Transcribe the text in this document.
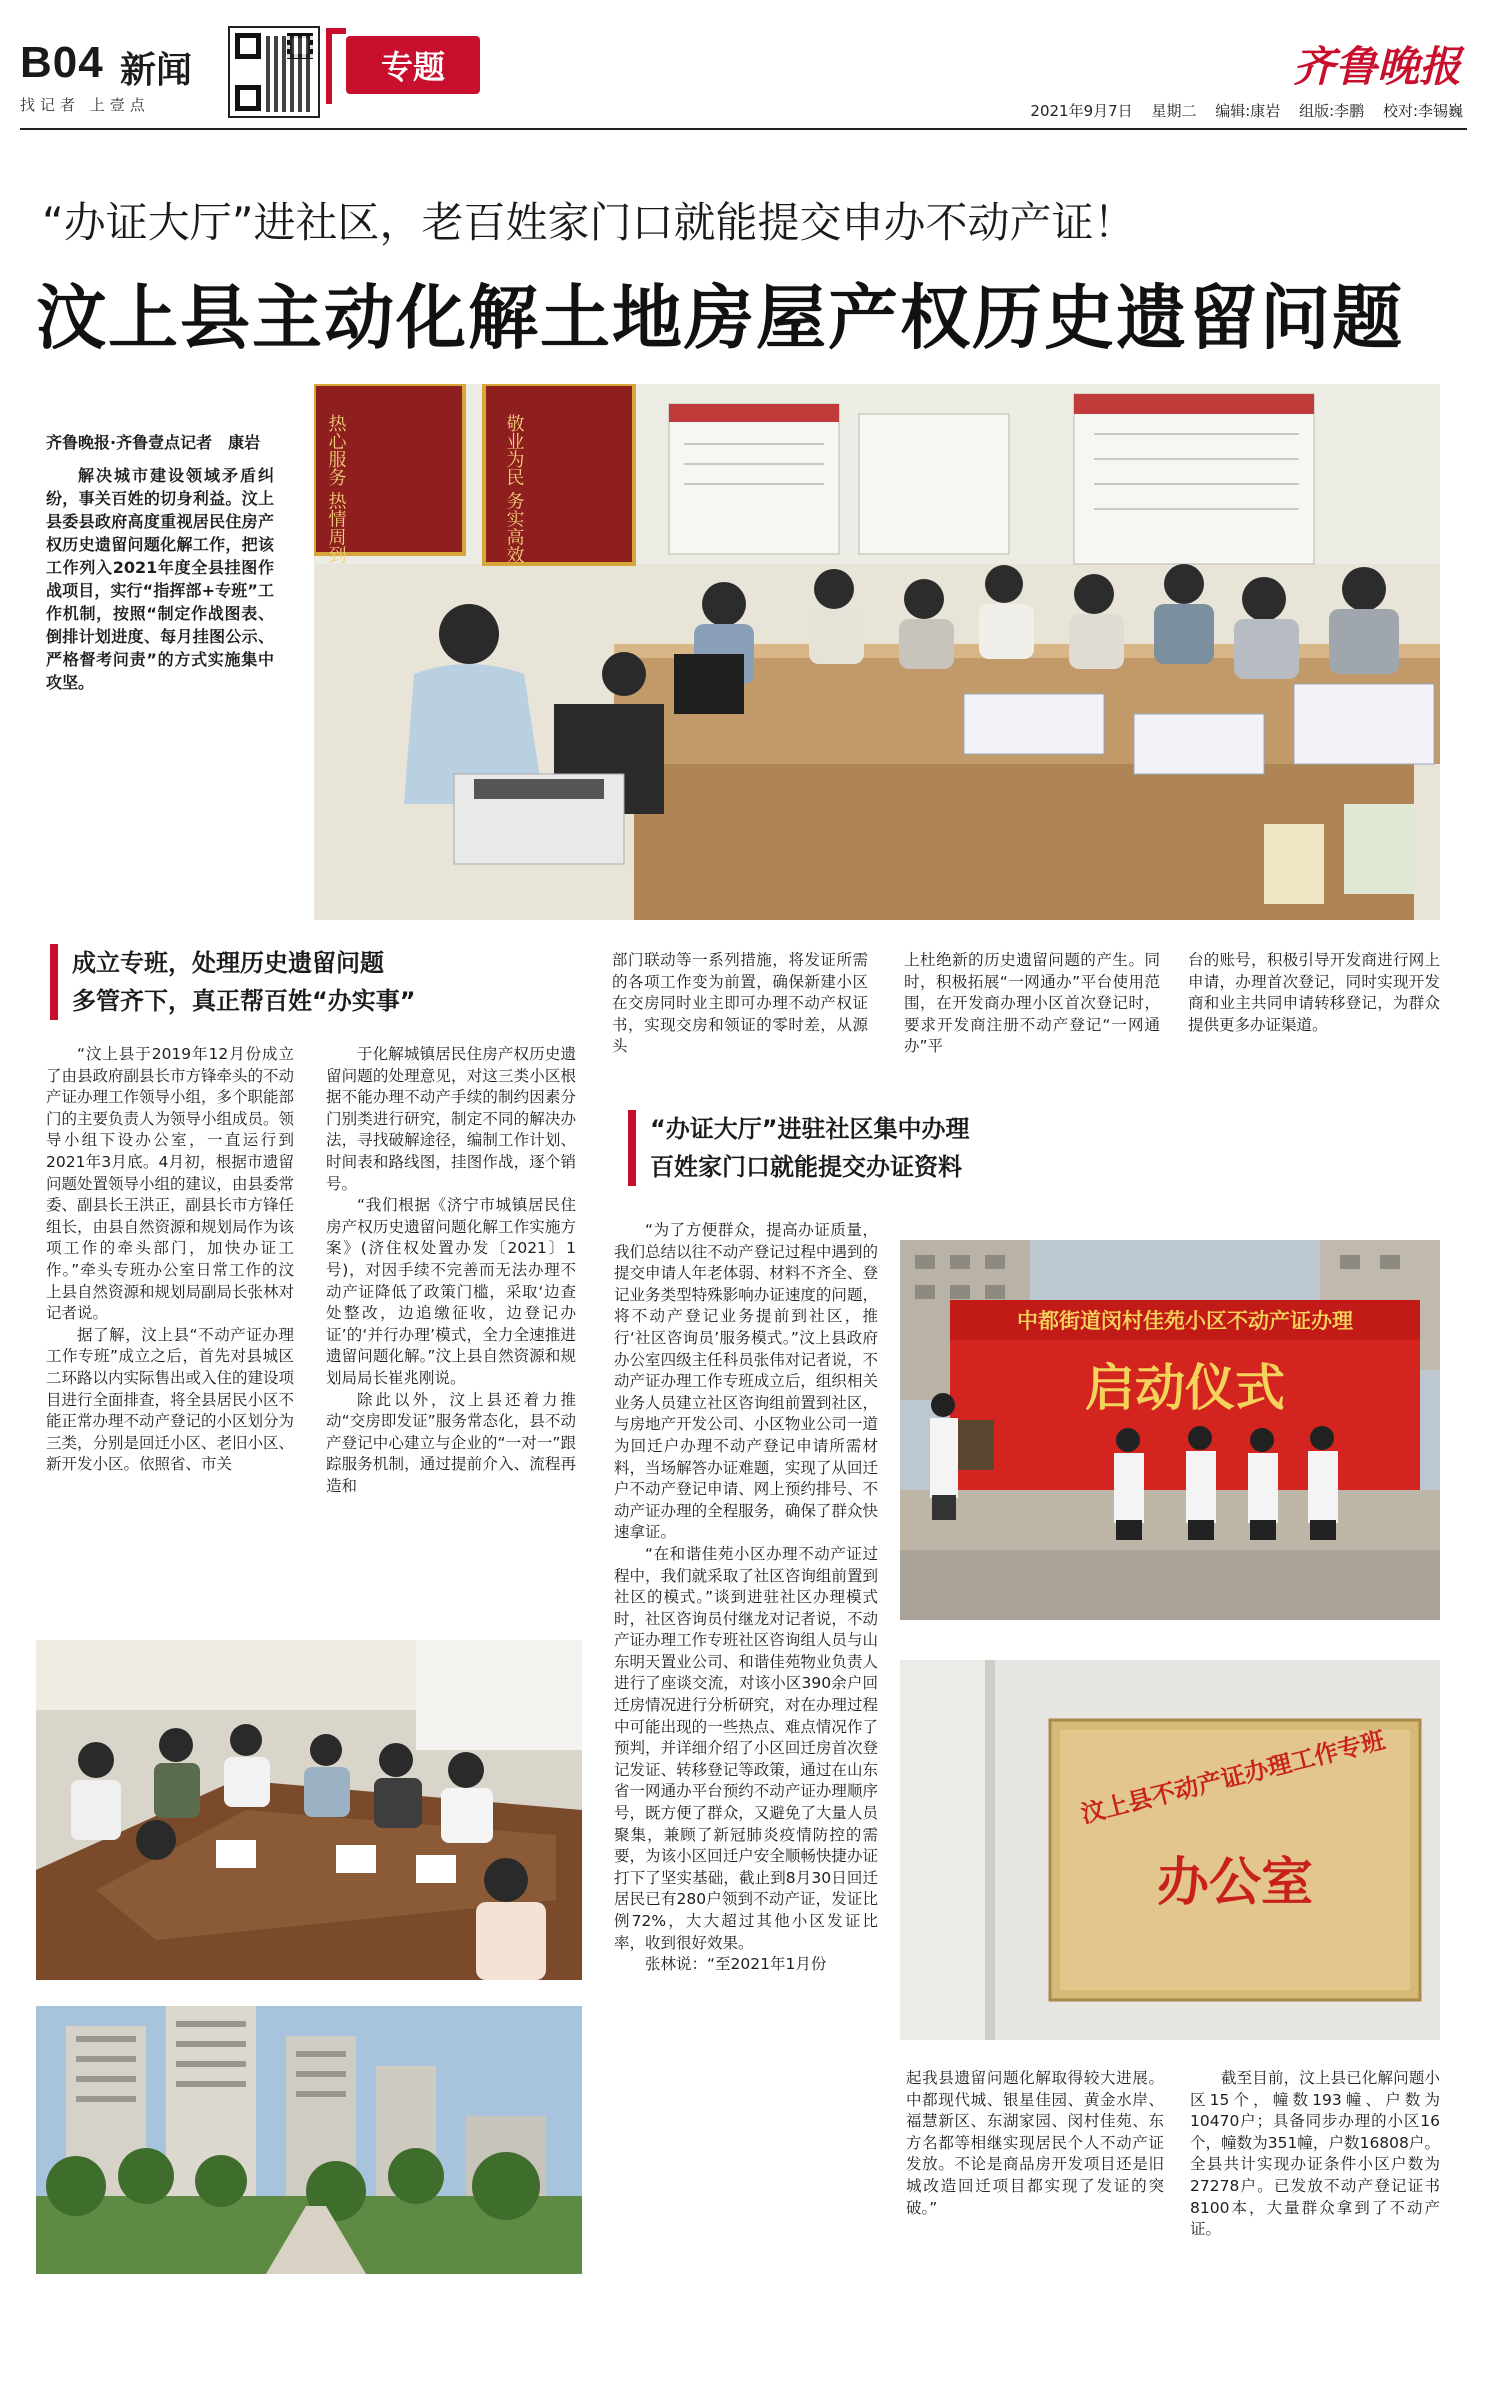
B04 新闻
找记者 上壹点
专题	齐鲁晚报
2021年9月7日 星期二 编辑:康岩 组版:李鹏 校对:李锡巍
“办证大厅”进社区，老百姓家门口就能提交申办不动产证！
汶上县主动化解土地房屋产权历史遗留问题
齐鲁晚报·齐鲁壹点记者　康岩

解决城市建设领域矛盾纠纷，事关百姓的切身利益。汶上县委县政府高度重视居民住房产权历史遗留问题化解工作，把该工作列入2021年度全县挂图作战项目，实行“指挥部+专班”工作机制，按照“制定作战图表、倒排计划进度、每月挂图公示、严格督考问责”的方式实施集中攻坚。

热心服务 热情周到	敬业为民 务实高效
成立专班，处理历史遗留问题
多管齐下，真正帮百姓“办实事”

“汶上县于2019年12月份成立了由县政府副县长市方锋牵头的不动产证办理工作领导小组，多个职能部门的主要负责人为领导小组成员。领导小组下设办公室，一直运行到2021年3月底。4月初，根据市遗留问题处置领导小组的建议，由县委常委、副县长王洪正，副县长市方锋任组长，由县自然资源和规划局作为该项工作的牵头部门，加快办证工作。”牵头专班办公室日常工作的汶上县自然资源和规划局副局长张林对记者说。

据了解，汶上县“不动产证办理工作专班”成立之后，首先对县城区二环路以内实际售出或入住的建设项目进行全面排查，将全县居民小区不能正常办理不动产登记的小区划分为三类，分别是回迁小区、老旧小区、新开发小区。依照省、市关

于化解城镇居民住房产权历史遗留问题的处理意见，对这三类小区根据不能办理不动产手续的制约因素分门别类进行研究，制定不同的解决办法，寻找破解途径，编制工作计划、时间表和路线图，挂图作战，逐个销号。

“我们根据《济宁市城镇居民住房产权历史遗留问题化解工作实施方案》(济住权处置办发〔2021〕1号)，对因手续不完善而无法办理不动产证降低了政策门槛，采取‘边查处整改，边追缴征收，边登记办证’的‘并行办理’模式，全力全速推进遗留问题化解。”汶上县自然资源和规划局局长崔兆刚说。

除此以外，汶上县还着力推动“交房即发证”服务常态化，县不动产登记中心建立与企业的“一对一”跟踪服务机制，通过提前介入、流程再造和

部门联动等一系列措施，将发证所需的各项工作变为前置，确保新建小区在交房同时业主即可办理不动产权证书，实现交房和领证的零时差，从源头

上杜绝新的历史遗留问题的产生。同时，积极拓展“一网通办”平台使用范围，在开发商办理小区首次登记时，要求开发商注册不动产登记“一网通办”平

台的账号，积极引导开发商进行网上申请，办理首次登记，同时实现开发商和业主共同申请转移登记，为群众提供更多办证渠道。

“办证大厅”进驻社区集中办理
百姓家门口就能提交办证资料

“为了方便群众，提高办证质量，我们总结以往不动产登记过程中遇到的提交申请人年老体弱、材料不齐全、登记业务类型特殊影响办证速度的问题，将不动产登记业务提前到社区，推行‘社区咨询员’服务模式。”汶上县政府办公室四级主任科员张伟对记者说，不动产证办理工作专班成立后，组织相关业务人员建立社区咨询组前置到社区，与房地产开发公司、小区物业公司一道为回迁户办理不动产登记申请所需材料，当场解答办证难题，实现了从回迁户不动产登记申请、网上预约排号、不动产证办理的全程服务，确保了群众快速拿证。

“在和谐佳苑小区办理不动产证过程中，我们就采取了社区咨询组前置到社区的模式。”谈到进驻社区办理模式时，社区咨询员付继龙对记者说，不动产证办理工作专班社区咨询组人员与山东明天置业公司、和谐佳苑物业负责人进行了座谈交流，对该小区390余户回迁房情况进行分析研究，对在办理过程中可能出现的一些热点、难点情况作了预判，并详细介绍了小区回迁房首次登记发证、转移登记等政策，通过在山东省一网通办平台预约不动产证办理顺序号，既方便了群众，又避免了大量人员聚集，兼顾了新冠肺炎疫情防控的需要，为该小区回迁户安全顺畅快捷办证打下了坚实基础，截止到8月30日回迁居民已有280户领到不动产证，发证比例72%，大大超过其他小区发证比率，收到很好效果。

张林说：“至2021年1月份

起我县遗留问题化解取得较大进展。中都现代城、银星佳园、黄金水岸、福慧新区、东湖家园、闵村佳苑、东方名都等相继实现居民个人不动产证发放。不论是商品房开发项目还是旧城改造回迁项目都实现了发证的突破。”

截至目前，汶上县已化解问题小区15个，幢数193幢、户数为10470户；具备同步办理的小区16个，幢数为351幢，户数16808户。全县共计实现办证条件小区户数为27278户。已发放不动产登记证书8100本，大量群众拿到了不动产证。

中都街道闵村佳苑小区不动产证办理
启动仪式
汶上县不动产证办理工作专班
办公室
